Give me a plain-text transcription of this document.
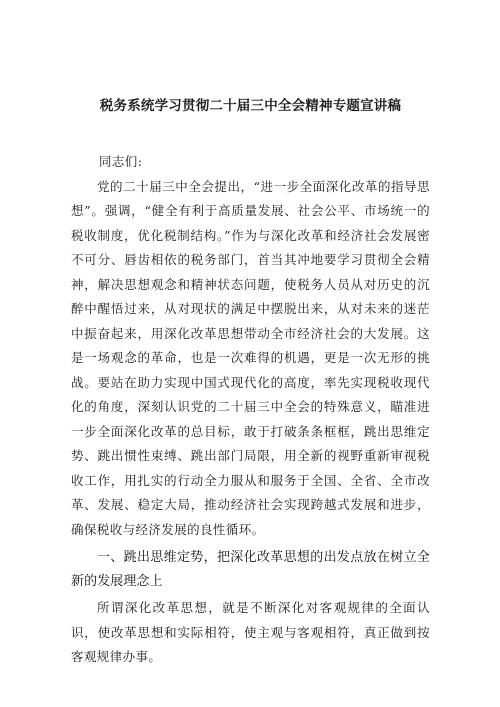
税务系统学习贯彻二十届三中全会精神专题宣讲稿

同志们:

党的二十届三中全会提出，“进一步全面深化改革的指导思想”。强调，“健全有利于高质量发展、社会公平、市场统一的税收制度，优化税制结构。”作为与深化改革和经济社会发展密不可分、唇齿相依的税务部门，首当其冲地要学习贯彻全会精神，解决思想观念和精神状态问题，使税务人员从对历史的沉醉中醒悟过来，从对现状的满足中摆脱出来，从对未来的迷茫中振奋起来，用深化改革思想带动全市经济社会的大发展。这是一场观念的革命，也是一次难得的机遇，更是一次无形的挑战。要站在助力实现中国式现代化的高度，率先实现税收现代化的角度，深刻认识党的二十届三中全会的特殊意义，瞄准进一步全面深化改革的总目标，敢于打破条条框框，跳出思维定势、跳出惯性束缚、跳出部门局限，用全新的视野重新审视税收工作，用扎实的行动全力服从和服务于全国、全省、全市改革、发展、稳定大局，推动经济社会实现跨越式发展和进步，确保税收与经济发展的良性循环。

一、跳出思维定势，把深化改革思想的出发点放在树立全新的发展理念上

所谓深化改革思想，就是不断深化对客观规律的全面认识，使改革思想和实际相符，使主观与客观相符，真正做到按客观规律办事。
